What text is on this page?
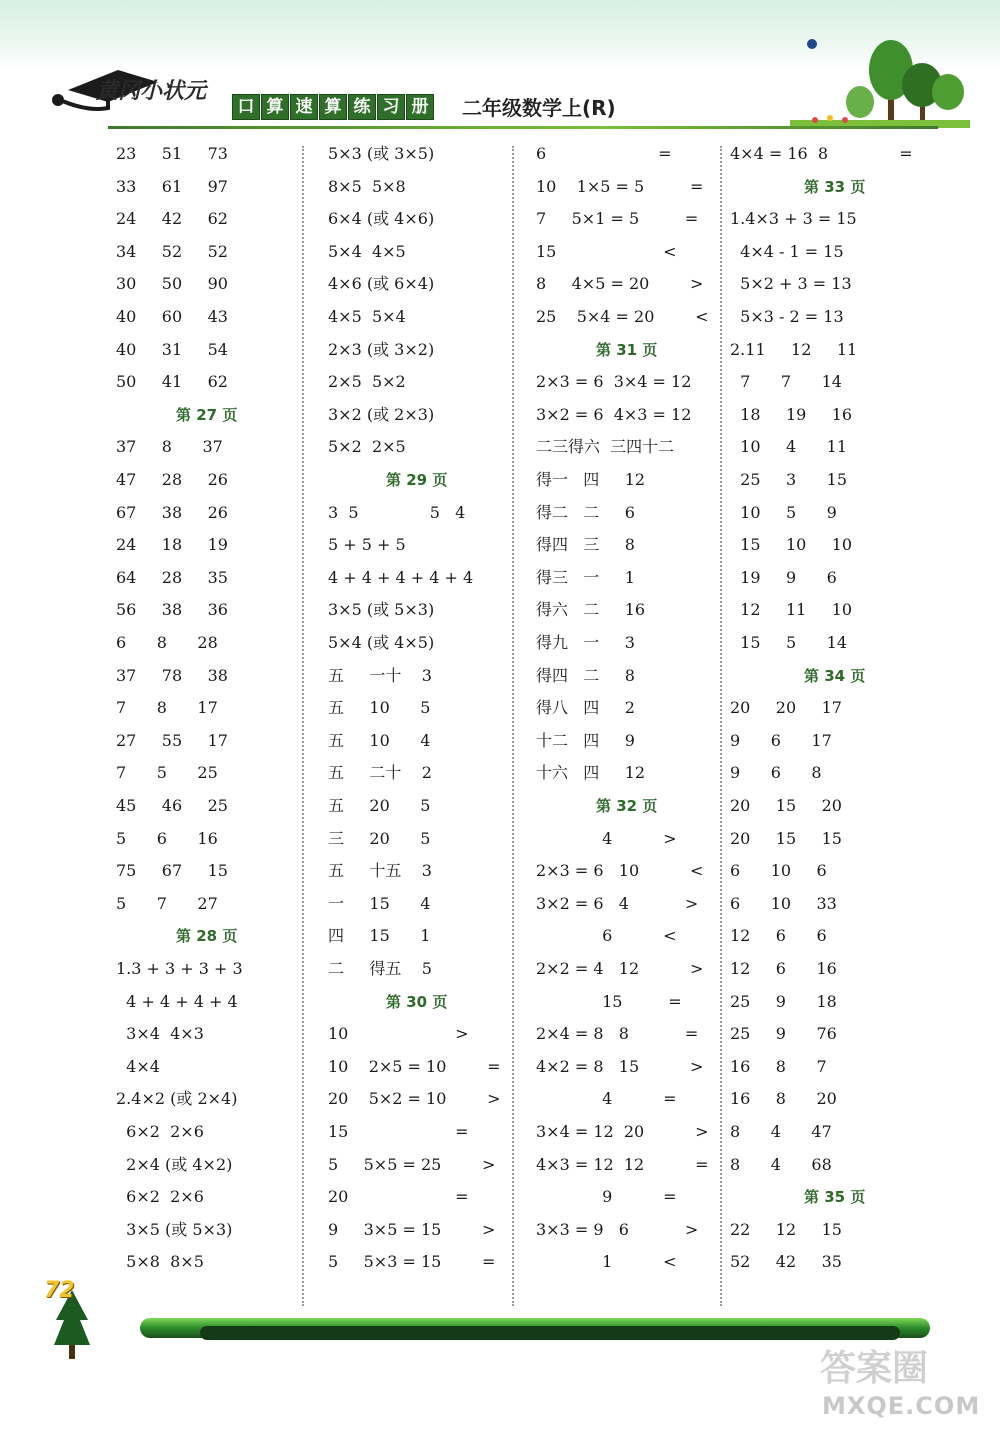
黄冈小状元
口 算 速 算 练 习 册 二年级数学上(R)
23     51     73
33     61     97
24     42     62
34     52     52
30     50     90
40     60     43
40     31     54
50     41     62
第 27 页
37     8      37
47     28     26
67     38     26
24     18     19
64     28     35
56     38     36
6      8      28
37     78     38
7      8      17
27     55     17
7      5      25
45     46     25
5      6      16
75     67     15
5      7      27
第 28 页
1.3 + 3 + 3 + 3
4 + 4 + 4 + 4
3×4  4×3
4×4
2.4×2 (或 2×4)
6×2  2×6
2×4 (或 4×2)
6×2  2×6
3×5 (或 5×3)
5×8  8×5
5×3 (或 3×5)
8×5  5×8
6×4 (或 4×6)
5×4  4×5
4×6 (或 6×4)
4×5  5×4
2×3 (或 3×2)
2×5  5×2
3×2 (或 2×3)
5×2  2×5
第 29 页
3  5              5   4
5 + 5 + 5
4 + 4 + 4 + 4 + 4
3×5 (或 5×3)
5×4 (或 4×5)
五     一十    3
五     10      5
五     10      4
五     二十    2
五     20      5
三     20      5
五     十五    3
一     15      4
四     15      1
二     得五    5
第 30 页
10                     >
10    2×5 = 10        =
20    5×2 = 10        >
15                     =
5     5×5 = 25        >
20                     =
9     3×5 = 15        >
5     5×3 = 15        =
6                      =
10    1×5 = 5         =
7     5×1 = 5         =
15                     <
8     4×5 = 20        >
25    5×4 = 20        <
第 31 页
2×3 = 6  3×4 = 12
3×2 = 6  4×3 = 12
二三得六  三四十二
得一   四     12
得二   二     6
得四   三     8
得三   一     1
得六   二     16
得九   一     3
得四   二     8
得八   四     2
十二   四     9
十六   四     12
第 32 页
4          >
2×3 = 6   10          <
3×2 = 6   4           >
6          <
2×2 = 4   12          >
15         =
2×4 = 8   8           =
4×2 = 8   15          >
4          =
3×4 = 12  20          >
4×3 = 12  12          =
9          =
3×3 = 9   6           >
1          <
4×4 = 16  8              =
第 33 页
1.4×3 + 3 = 15
4×4 - 1 = 15
5×2 + 3 = 13
5×3 - 2 = 13
2.11     12     11
7      7      14
18     19     16
10     4      11
25     3      15
10     5      9
15     10     10
19     9      6
12     11     10
15     5      14
第 34 页
20     20     17
9      6      17
9      6      8
20     15     20
20     15     15
6      10     6
6      10     33
12     6      6
12     6      16
25     9      18
25     9      76
16     8      7
16     8      20
8      4      47
8      4      68
第 35 页
22     12     15
52     42     35
72
答案圈
MXQE.COM
